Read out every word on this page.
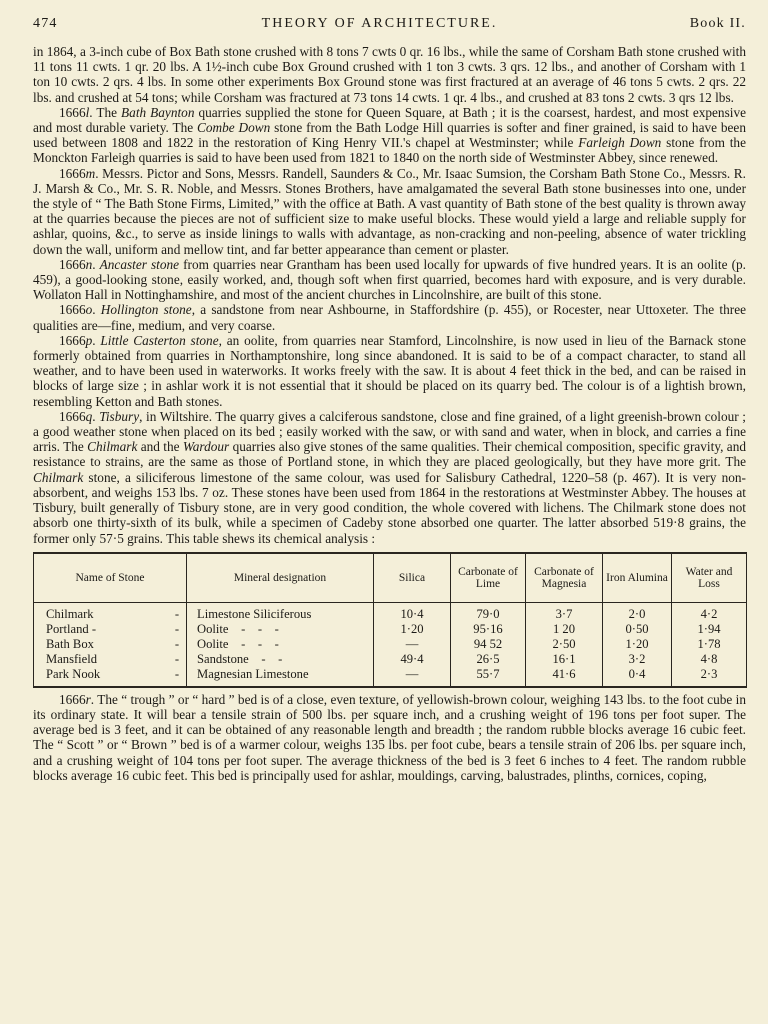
474	THEORY OF ARCHITECTURE.	Book II.

in 1864, a 3-inch cube of Box Bath stone crushed with 8 tons 7 cwts 0 qr. 16 lbs., while the same of Corsham Bath stone crushed with 11 tons 11 cwts. 1 qr. 20 lbs. A 1½-inch cube Box Ground crushed with 1 ton 3 cwts. 3 qrs. 12 lbs., and another of Corsham with 1 ton 10 cwts. 2 qrs. 4 lbs. In some other experiments Box Ground stone was first fractured at an average of 46 tons 5 cwts. 2 qrs. 22 lbs. and crushed at 54 tons; while Corsham was fractured at 73 tons 14 cwts. 1 qr. 4 lbs., and crushed at 83 tons 2 cwts. 3 qrs 12 lbs.

1666l. The Bath Baynton quarries supplied the stone for Queen Square, at Bath ; it is the coarsest, hardest, and most expensive and most durable variety. The Combe Down stone from the Bath Lodge Hill quarries is softer and finer grained, is said to have been used between 1808 and 1822 in the restoration of King Henry VII.'s chapel at Westminster; while Farleigh Down stone from the Monckton Farleigh quarries is said to have been used from 1821 to 1840 on the north side of Westminster Abbey, since renewed.

1666m. Messrs. Pictor and Sons, Messrs. Randell, Saunders & Co., Mr. Isaac Sumsion, the Corsham Bath Stone Co., Messrs. R. J. Marsh & Co., Mr. S. R. Noble, and Messrs. Stones Brothers, have amalgamated the several Bath stone businesses into one, under the style of “ The Bath Stone Firms, Limited,” with the office at Bath. A vast quantity of Bath stone of the best quality is thrown away at the quarries because the pieces are not of sufficient size to make useful blocks. These would yield a large and reliable supply for ashlar, quoins, &c., to serve as inside linings to walls with advantage, as non-cracking and non-peeling, absence of water trickling down the wall, uniform and mellow tint, and far better appearance than cement or plaster.

1666n. Ancaster stone from quarries near Grantham has been used locally for upwards of five hundred years. It is an oolite (p. 459), a good-looking stone, easily worked, and, though soft when first quarried, becomes hard with exposure, and is very durable. Wollaton Hall in Nottinghamshire, and most of the ancient churches in Lincolnshire, are built of this stone.

1666o. Hollington stone, a sandstone from near Ashbourne, in Staffordshire (p. 455), or Rocester, near Uttoxeter. The three qualities are—fine, medium, and very coarse.

1666p. Little Casterton stone, an oolite, from quarries near Stamford, Lincolnshire, is now used in lieu of the Barnack stone formerly obtained from quarries in Northamptonshire, long since abandoned. It is said to be of a compact character, to stand all weather, and to have been used in waterworks. It works freely with the saw. It is about 4 feet thick in the bed, and can be raised in blocks of large size ; in ashlar work it is not essential that it should be placed on its quarry bed. The colour is of a lightish brown, resembling Ketton and Bath stones.

1666q. Tisbury, in Wiltshire. The quarry gives a calciferous sandstone, close and fine grained, of a light greenish-brown colour ; a good weather stone when placed on its bed ; easily worked with the saw, or with sand and water, when in block, and carries a fine arris. The Chilmark and the Wardour quarries also give stones of the same qualities. Their chemical composition, specific gravity, and resistance to strains, are the same as those of Portland stone, in which they are placed geologically, but they have more grit. The Chilmark stone, a siliciferous limestone of the same colour, was used for Salisbury Cathedral, 1220–58 (p. 467). It is very non-absorbent, and weighs 153 lbs. 7 oz. These stones have been used from 1864 in the restorations at Westminster Abbey. The houses at Tisbury, built generally of Tisbury stone, are in very good condition, the whole covered with lichens. The Chilmark stone does not absorb one thirty-sixth of its bulk, while a specimen of Cadeby stone absorbed one quarter. The latter absorbed 519·8 grains, the former only 57·5 grains. This table shews its chemical analysis :

Name of Stone		Mineral designation	Silica	Carbonate of Lime	Carbonate of Magnesia	Iron Alumina	Water and Loss
Chilmark	-	Limestone Siliciferous	10·4	79·0	3·7	2·0	4·2
Portland -	-	Oolite    -    -    -	1·20	95·16	1 20	0·50	1·94
Bath Box	-	Oolite    -    -    -	—	94 52	2·50	1·20	1·78
Mansfield	-	Sandstone    -    -	49·4	26·5	16·1	3·2	4·8
Park Nook	-	Magnesian Limestone	—	55·7	41·6	0·4	2·3

1666r. The “ trough ” or “ hard ” bed is of a close, even texture, of yellowish-brown colour, weighing 143 lbs. to the foot cube in its ordinary state. It will bear a tensile strain of 500 lbs. per square inch, and a crushing weight of 196 tons per foot super. The average bed is 3 feet, and it can be obtained of any reasonable length and breadth ; the random rubble blocks average 16 cubic feet. The “ Scott ” or “ Brown ” bed is of a warmer colour, weighs 135 lbs. per foot cube, bears a tensile strain of 206 lbs. per square inch, and a crushing weight of 104 tons per foot super. The average thickness of the bed is 3 feet 6 inches to 4 feet. The random rubble blocks average 16 cubic feet. This bed is principally used for ashlar, mouldings, carving, balustrades, plinths, cornices, coping,
